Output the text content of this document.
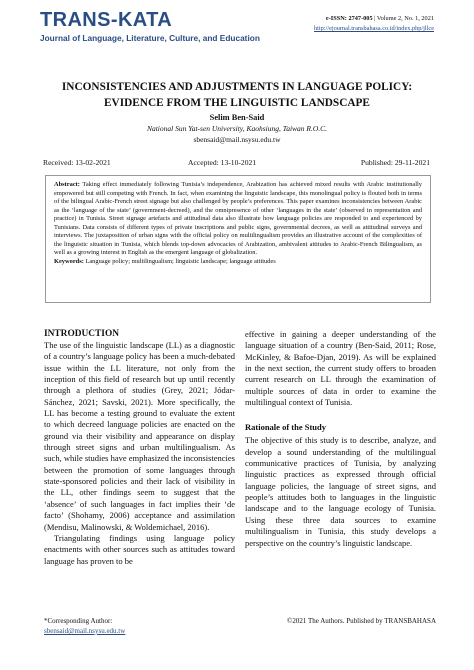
TRANS-KATA
Journal of Language, Literature, Culture, and Education
e-ISSN: 2747-005 | Volume 2, No. 1, 2021
http://ejournal.transbahasa.co.id/index.php/jllce
INCONSISTENCIES AND ADJUSTMENTS IN LANGUAGE POLICY: EVIDENCE FROM THE LINGUISTIC LANDSCAPE
Selim Ben-Said
National Sun Yat-sen University, Kaohsiung, Taiwan R.O.C.
sbensaid@mail.nsysu.edu.tw
Received: 13-02-2021	Accepted: 13-10-2021	Published: 29-11-2021
Abstract: Taking effect immediately following Tunisia’s independence, Arabization has achieved mixed results with Arabic institutionally empowered but still competing with French. In fact, when examining the linguistic landscape, this monolingual policy is flouted both in terms of the bilingual Arabic-French street signage but also challenged by people’s preferences. This paper examines inconsistencies between Arabic as the ‘language of the state’ (government-decreed), and the omnipresence of other ‘languages in the state’ (observed in representation and practice) in Tunisia. Street signage artefacts and attitudinal data also illustrate how language policies are responded to and experienced by Tunisians. Data consists of different types of private inscriptions and public signs, governmental decrees, as well as attitudinal surveys and interviews. The juxtaposition of urban signs with the official policy on multilingualism provides an illustrative account of the complexities of the linguistic situation in Tunisia, which blends top-down advocacies of Arabization, ambivalent attitudes to Arabic-French Bilingualism, as well as a growing interest in English as the emergent language of globalization.
Keywords: Language policy; multilingualism; linguistic landscape; language attitudes
INTRODUCTION

The use of the linguistic landscape (LL) as a diagnostic of a country’s language policy has been a much-debated issue within the LL literature, not only from the inception of this field of research but up until recently through a plethora of studies (Grey, 2021; Jódar-Sánchez, 2021; Savski, 2021). More specifically, the LL has become a testing ground to evaluate the extent to which decreed language policies are enacted on the ground via their visibility and appearance on display through street signs and urban multilingualism. As such, while studies have emphasized the inconsistencies between the promotion of some languages through state-sponsored policies and their lack of visibility in the LL, other findings seem to suggest that the ‘absence’ of such languages in fact implies their ‘de facto’ (Shohamy, 2006) acceptance and assimilation (Mendisu, Malinowski, & Woldemichael, 2016).

Triangulating findings using language policy enactments with other sources such as attitudes toward language has proven to be

effective in gaining a deeper understanding of the language situation of a country (Ben-Said, 2011; Rose, McKinley, & Bafoe-Djan, 2019). As will be explained in the next section, the current study offers to broaden current research on LL through the examination of multiple sources of data in order to examine the multilingual context of Tunisia.

Rationale of the Study

The objective of this study is to describe, analyze, and develop a sound understanding of the multilingual communicative practices of Tunisia, by analyzing linguistic practices as expressed through official language policies, the language of street signs, and people’s attitudes both to languages in the linguistic landscape and to the language ecology of Tunisia. Using these three data sources to examine multilingualism in Tunisia, this study develops a perspective on the country’s linguistic landscape.

*Corresponding Author:
sbensaid@mail.nsysu.edu.tw
©2021 The Authors. Published by TRANSBAHASA
